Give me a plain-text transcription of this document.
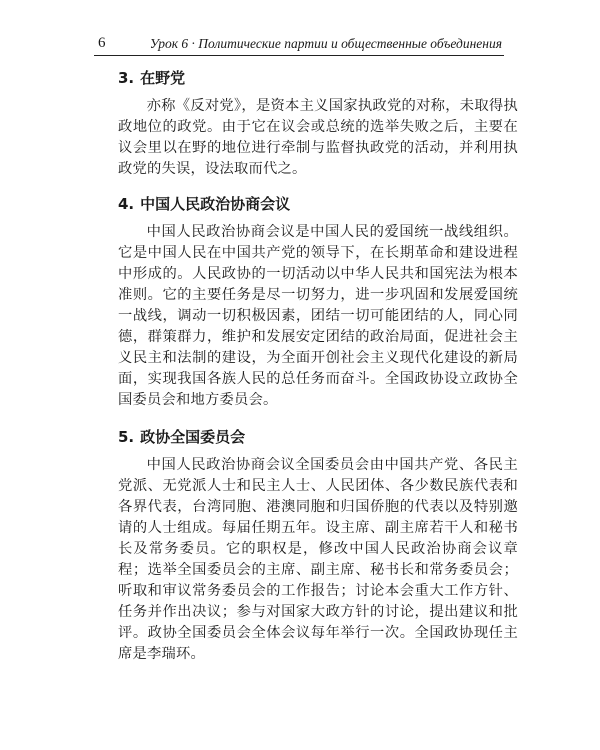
6	Урок 6 · Политические партии и общественные объединения
3. 在野党

亦称《反对党》，是资本主义国家执政党的对称，未取得执政地位的政党。由于它在议会或总统的选举失败之后，主要在议会里以在野的地位进行牵制与监督执政党的活动，并利用执政党的失误，设法取而代之。

4. 中国人民政治协商会议

中国人民政治协商会议是中国人民的爱国统一战线组织。它是中国人民在中国共产党的领导下，在长期革命和建设进程中形成的。人民政协的一切活动以中华人民共和国宪法为根本准则。它的主要任务是尽一切努力，进一步巩固和发展爱国统一战线，调动一切积极因素，团结一切可能团结的人，同心同德，群策群力，维护和发展安定团结的政治局面，促进社会主义民主和法制的建设，为全面开创社会主义现代化建设的新局面，实现我国各族人民的总任务而奋斗。全国政协设立政协全国委员会和地方委员会。

5. 政协全国委员会

中国人民政治协商会议全国委员会由中国共产党、各民主党派、无党派人士和民主人士、人民团体、各少数民族代表和各界代表，台湾同胞、港澳同胞和归国侨胞的代表以及特别邀请的人士组成。每届任期五年。设主席、副主席若干人和秘书长及常务委员。它的职权是，修改中国人民政治协商会议章程；选举全国委员会的主席、副主席、秘书长和常务委员会；听取和审议常务委员会的工作报告；讨论本会重大工作方针、任务并作出决议；参与对国家大政方针的讨论，提出建议和批评。政协全国委员会全体会议每年举行一次。全国政协现任主席是李瑞环。
